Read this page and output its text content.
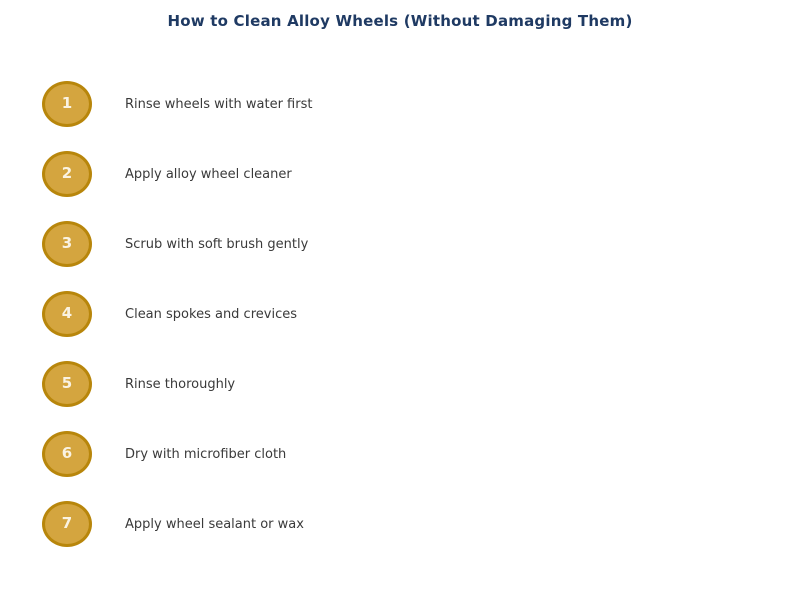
How to Clean Alloy Wheels (Without Damaging Them)
1	Rinse wheels with water first
2	Apply alloy wheel cleaner
3	Scrub with soft brush gently
4	Clean spokes and crevices
5	Rinse thoroughly
6	Dry with microfiber cloth
7	Apply wheel sealant or wax
